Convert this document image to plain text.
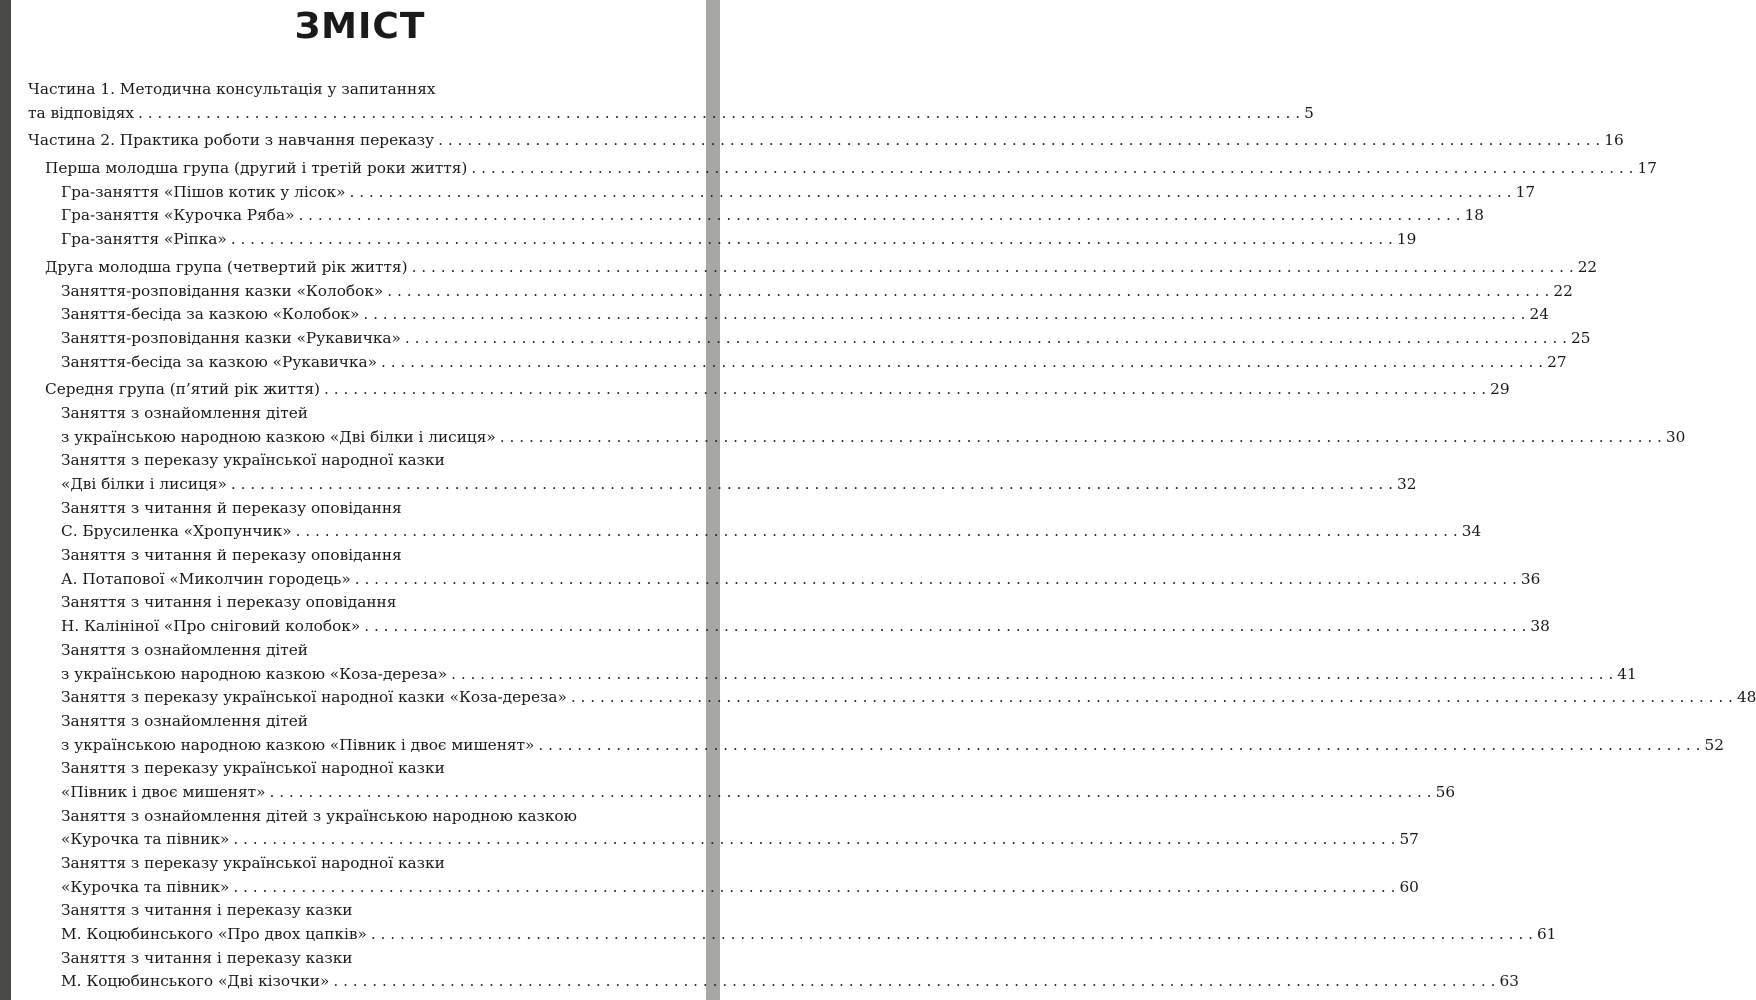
ЗМІСТ
Частина 1. Методична консультація у запитаннях
та відповідях . . . . . . . . . . . . . . . . . . . . . . . . . . . . . . . . . . . . . . . . . . . . . . . . . . . . . . . . . . . . . . . . . . . . . . . . . . . . . . . . . . . . . . . . . . . . . . . . . . . . . . . . . . . . . . . . . . . . . . . . 5
Частина 2. Практика роботи з навчання переказу . . . . . . . . . . . . . . . . . . . . . . . . . . . . . . . . . . . . . . . . . . . . . . . . . . . . . . . . . . . . . . . . . . . . . . . . . . . . . . . . . . . . . . . . . . . . . . . . . . . . . . . . . . . . . . . . . . . . . . . . 16
Перша молодша група (другий і третій роки життя) . . . . . . . . . . . . . . . . . . . . . . . . . . . . . . . . . . . . . . . . . . . . . . . . . . . . . . . . . . . . . . . . . . . . . . . . . . . . . . . . . . . . . . . . . . . . . . . . . . . . . . . . . . . . . . . . . . . . . . . . 17
Гра-заняття «Пішов котик у лісок» . . . . . . . . . . . . . . . . . . . . . . . . . . . . . . . . . . . . . . . . . . . . . . . . . . . . . . . . . . . . . . . . . . . . . . . . . . . . . . . . . . . . . . . . . . . . . . . . . . . . . . . . . . . . . . . . . . . . . . . . 17
Гра-заняття «Курочка Ряба» . . . . . . . . . . . . . . . . . . . . . . . . . . . . . . . . . . . . . . . . . . . . . . . . . . . . . . . . . . . . . . . . . . . . . . . . . . . . . . . . . . . . . . . . . . . . . . . . . . . . . . . . . . . . . . . . . . . . . . . . 18
Гра-заняття «Ріпка» . . . . . . . . . . . . . . . . . . . . . . . . . . . . . . . . . . . . . . . . . . . . . . . . . . . . . . . . . . . . . . . . . . . . . . . . . . . . . . . . . . . . . . . . . . . . . . . . . . . . . . . . . . . . . . . . . . . . . . . . 19
Друга молодша група (четвертий рік життя) . . . . . . . . . . . . . . . . . . . . . . . . . . . . . . . . . . . . . . . . . . . . . . . . . . . . . . . . . . . . . . . . . . . . . . . . . . . . . . . . . . . . . . . . . . . . . . . . . . . . . . . . . . . . . . . . . . . . . . . . 22
Заняття-розповідання казки «Колобок» . . . . . . . . . . . . . . . . . . . . . . . . . . . . . . . . . . . . . . . . . . . . . . . . . . . . . . . . . . . . . . . . . . . . . . . . . . . . . . . . . . . . . . . . . . . . . . . . . . . . . . . . . . . . . . . . . . . . . . . . 22
Заняття-бесіда за казкою «Колобок» . . . . . . . . . . . . . . . . . . . . . . . . . . . . . . . . . . . . . . . . . . . . . . . . . . . . . . . . . . . . . . . . . . . . . . . . . . . . . . . . . . . . . . . . . . . . . . . . . . . . . . . . . . . . . . . . . . . . . . . . 24
Заняття-розповідання казки «Рукавичка» . . . . . . . . . . . . . . . . . . . . . . . . . . . . . . . . . . . . . . . . . . . . . . . . . . . . . . . . . . . . . . . . . . . . . . . . . . . . . . . . . . . . . . . . . . . . . . . . . . . . . . . . . . . . . . . . . . . . . . . . 25
Заняття-бесіда за казкою «Рукавичка» . . . . . . . . . . . . . . . . . . . . . . . . . . . . . . . . . . . . . . . . . . . . . . . . . . . . . . . . . . . . . . . . . . . . . . . . . . . . . . . . . . . . . . . . . . . . . . . . . . . . . . . . . . . . . . . . . . . . . . . . 27
Середня група (п’ятий рік життя) . . . . . . . . . . . . . . . . . . . . . . . . . . . . . . . . . . . . . . . . . . . . . . . . . . . . . . . . . . . . . . . . . . . . . . . . . . . . . . . . . . . . . . . . . . . . . . . . . . . . . . . . . . . . . . . . . . . . . . . . 29
Заняття з ознайомлення дітей
з українською народною казкою «Дві білки і лисиця» . . . . . . . . . . . . . . . . . . . . . . . . . . . . . . . . . . . . . . . . . . . . . . . . . . . . . . . . . . . . . . . . . . . . . . . . . . . . . . . . . . . . . . . . . . . . . . . . . . . . . . . . . . . . . . . . . . . . . . . . 30
Заняття з переказу української народної казки
«Дві білки і лисиця» . . . . . . . . . . . . . . . . . . . . . . . . . . . . . . . . . . . . . . . . . . . . . . . . . . . . . . . . . . . . . . . . . . . . . . . . . . . . . . . . . . . . . . . . . . . . . . . . . . . . . . . . . . . . . . . . . . . . . . . . 32
Заняття з читання й переказу оповідання
С. Брусиленка «Хропунчик» . . . . . . . . . . . . . . . . . . . . . . . . . . . . . . . . . . . . . . . . . . . . . . . . . . . . . . . . . . . . . . . . . . . . . . . . . . . . . . . . . . . . . . . . . . . . . . . . . . . . . . . . . . . . . . . . . . . . . . . . 34
Заняття з читання й переказу оповідання
А. Потапової «Миколчин городець» . . . . . . . . . . . . . . . . . . . . . . . . . . . . . . . . . . . . . . . . . . . . . . . . . . . . . . . . . . . . . . . . . . . . . . . . . . . . . . . . . . . . . . . . . . . . . . . . . . . . . . . . . . . . . . . . . . . . . . . . 36
Заняття з читання і переказу оповідання
Н. Калініної «Про сніговий колобок» . . . . . . . . . . . . . . . . . . . . . . . . . . . . . . . . . . . . . . . . . . . . . . . . . . . . . . . . . . . . . . . . . . . . . . . . . . . . . . . . . . . . . . . . . . . . . . . . . . . . . . . . . . . . . . . . . . . . . . . . 38
Заняття з ознайомлення дітей
з українською народною казкою «Коза-дереза» . . . . . . . . . . . . . . . . . . . . . . . . . . . . . . . . . . . . . . . . . . . . . . . . . . . . . . . . . . . . . . . . . . . . . . . . . . . . . . . . . . . . . . . . . . . . . . . . . . . . . . . . . . . . . . . . . . . . . . . . 41
Заняття з переказу української народної казки «Коза-дереза» . . . . . . . . . . . . . . . . . . . . . . . . . . . . . . . . . . . . . . . . . . . . . . . . . . . . . . . . . . . . . . . . . . . . . . . . . . . . . . . . . . . . . . . . . . . . . . . . . . . . . . . . . . . . . . . . . . . . . . . . 48
Заняття з ознайомлення дітей
з українською народною казкою «Півник і двоє мишенят» . . . . . . . . . . . . . . . . . . . . . . . . . . . . . . . . . . . . . . . . . . . . . . . . . . . . . . . . . . . . . . . . . . . . . . . . . . . . . . . . . . . . . . . . . . . . . . . . . . . . . . . . . . . . . . . . . . . . . . . . 52
Заняття з переказу української народної казки
«Півник і двоє мишенят» . . . . . . . . . . . . . . . . . . . . . . . . . . . . . . . . . . . . . . . . . . . . . . . . . . . . . . . . . . . . . . . . . . . . . . . . . . . . . . . . . . . . . . . . . . . . . . . . . . . . . . . . . . . . . . . . . . . . . . . . 56
Заняття з ознайомлення дітей з українською народною казкою
«Курочка та півник» . . . . . . . . . . . . . . . . . . . . . . . . . . . . . . . . . . . . . . . . . . . . . . . . . . . . . . . . . . . . . . . . . . . . . . . . . . . . . . . . . . . . . . . . . . . . . . . . . . . . . . . . . . . . . . . . . . . . . . . . 57
Заняття з переказу української народної казки
«Курочка та півник» . . . . . . . . . . . . . . . . . . . . . . . . . . . . . . . . . . . . . . . . . . . . . . . . . . . . . . . . . . . . . . . . . . . . . . . . . . . . . . . . . . . . . . . . . . . . . . . . . . . . . . . . . . . . . . . . . . . . . . . . 60
Заняття з читання і переказу казки
М. Коцюбинського «Про двох цапків» . . . . . . . . . . . . . . . . . . . . . . . . . . . . . . . . . . . . . . . . . . . . . . . . . . . . . . . . . . . . . . . . . . . . . . . . . . . . . . . . . . . . . . . . . . . . . . . . . . . . . . . . . . . . . . . . . . . . . . . . 61
Заняття з читання і переказу казки
М. Коцюбинського «Дві кізочки» . . . . . . . . . . . . . . . . . . . . . . . . . . . . . . . . . . . . . . . . . . . . . . . . . . . . . . . . . . . . . . . . . . . . . . . . . . . . . . . . . . . . . . . . . . . . . . . . . . . . . . . . . . . . . . . . . . . . . . . . 63
